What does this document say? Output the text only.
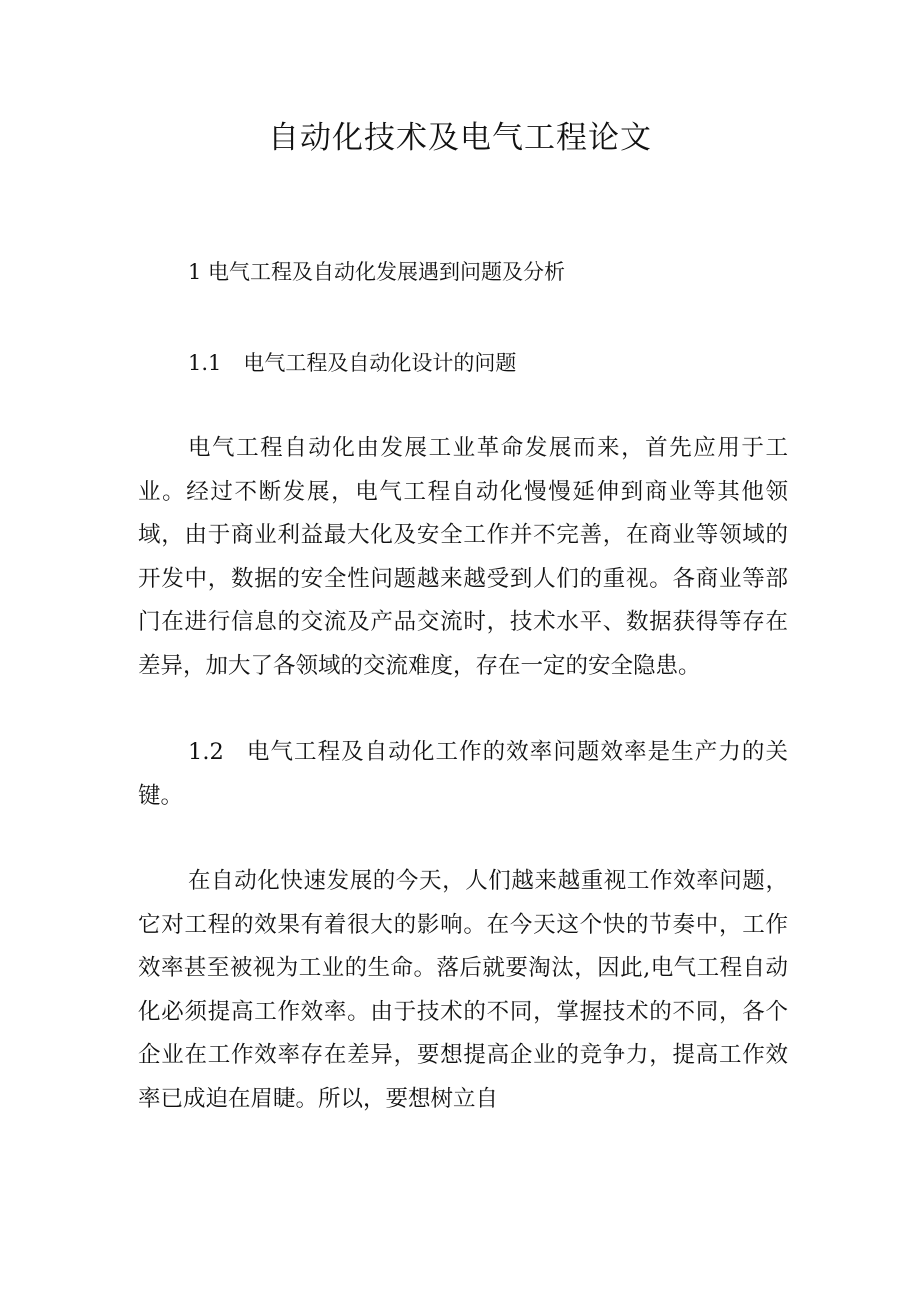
自动化技术及电气工程论文

1 电气工程及自动化发展遇到问题及分析

1.1 电气工程及自动化设计的问题

电气工程自动化由发展工业革命发展而来，首先应用于工业。经过不断发展，电气工程自动化慢慢延伸到商业等其他领域，由于商业利益最大化及安全工作并不完善，在商业等领域的开发中，数据的安全性问题越来越受到人们的重视。各商业等部门在进行信息的交流及产品交流时，技术水平、数据获得等存在差异，加大了各领域的交流难度，存在一定的安全隐患。

1.2 电气工程及自动化工作的效率问题效率是生产力的关键。

在自动化快速发展的今天，人们越来越重视工作效率问题，它对工程的效果有着很大的影响。在今天这个快的节奏中，工作效率甚至被视为工业的生命。落后就要淘汰，因此,电气工程自动化必须提高工作效率。由于技术的不同，掌握技术的不同，各个企业在工作效率存在差异，要想提高企业的竞争力，提高工作效率已成迫在眉睫。所以，要想树立自
